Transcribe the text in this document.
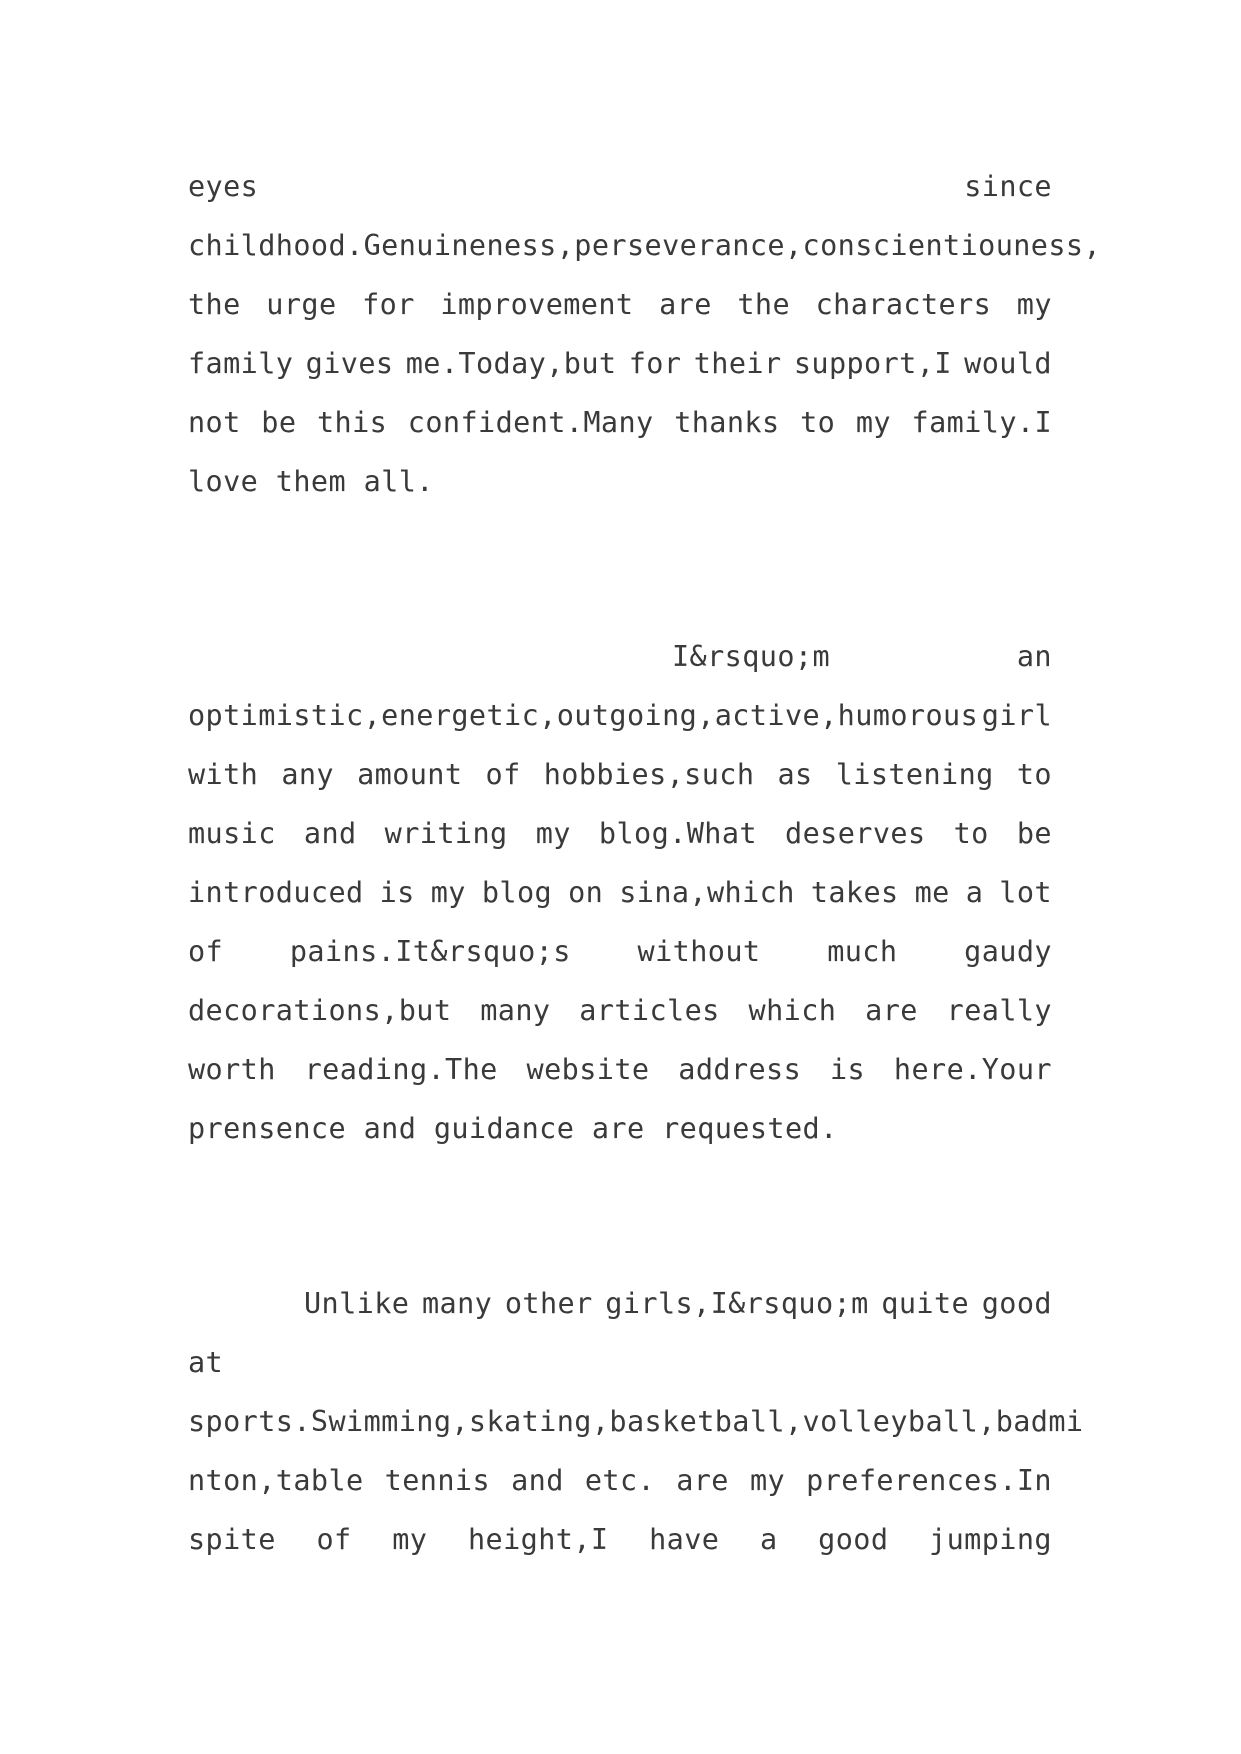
eyes	since
childhood.Genuineness,perseverance,conscientiouness,
the urge for improvement are the characters my
family gives me.Today,but for their support,I would
not be this confident.Many thanks to my family.I
love them all.
I&rsquo;m	an
optimistic,energetic,outgoing,active,humorous girl
with any amount of hobbies,such as listening to
music and writing my blog.What deserves to be
introduced is my blog on sina,which takes me a lot
of pains.It&rsquo;s without much gaudy
decorations,but many articles which are really
worth reading.The website address is here.Your
prensence and guidance are requested.
Unlike many other girls,I&rsquo;m quite good
at
sports.Swimming,skating,basketball,volleyball,badmi
nton,table tennis and etc. are my preferences.In
spite of my height,I have a good jumping
